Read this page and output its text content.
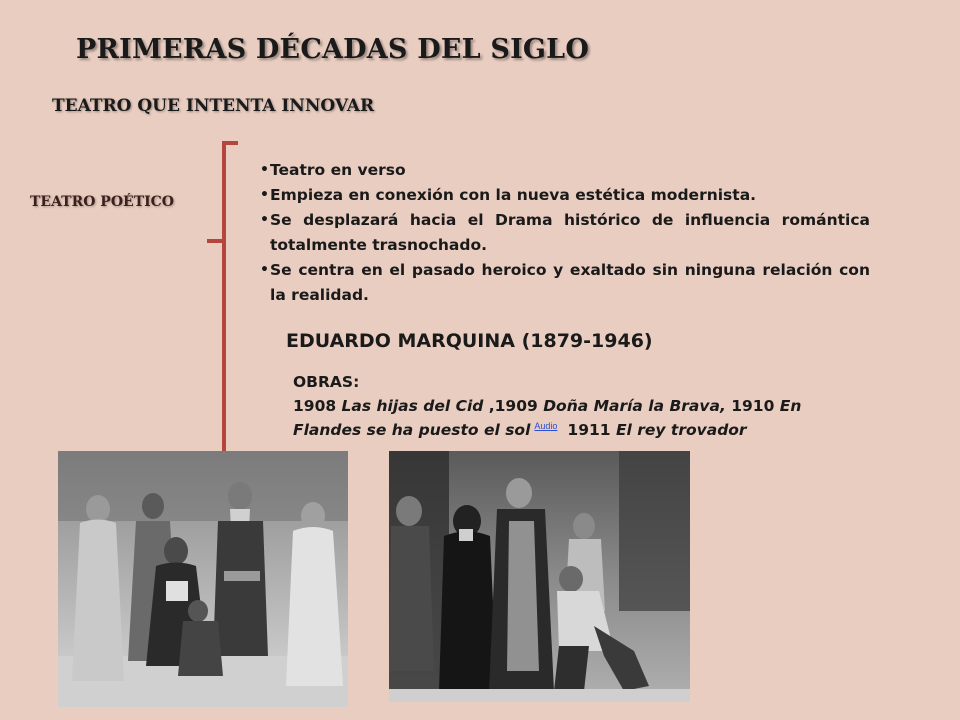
PRIMERAS DÉCADAS DEL SIGLO
TEATRO QUE INTENTA INNOVAR
TEATRO POÉTICO
• Teatro en verso
• Empieza en conexión con la nueva estética modernista.
• Se desplazará hacia el Drama histórico de influencia romántica totalmente trasnochado.
• Se centra en el pasado heroico y exaltado sin ninguna relación con la realidad.
EDUARDO MARQUINA (1879-1946)
OBRAS:
1908 Las hijas del Cid ,1909 Doña María la Brava, 1910 En Flandes se ha puesto el sol $^{Audio}$ 1911 El rey trovador
